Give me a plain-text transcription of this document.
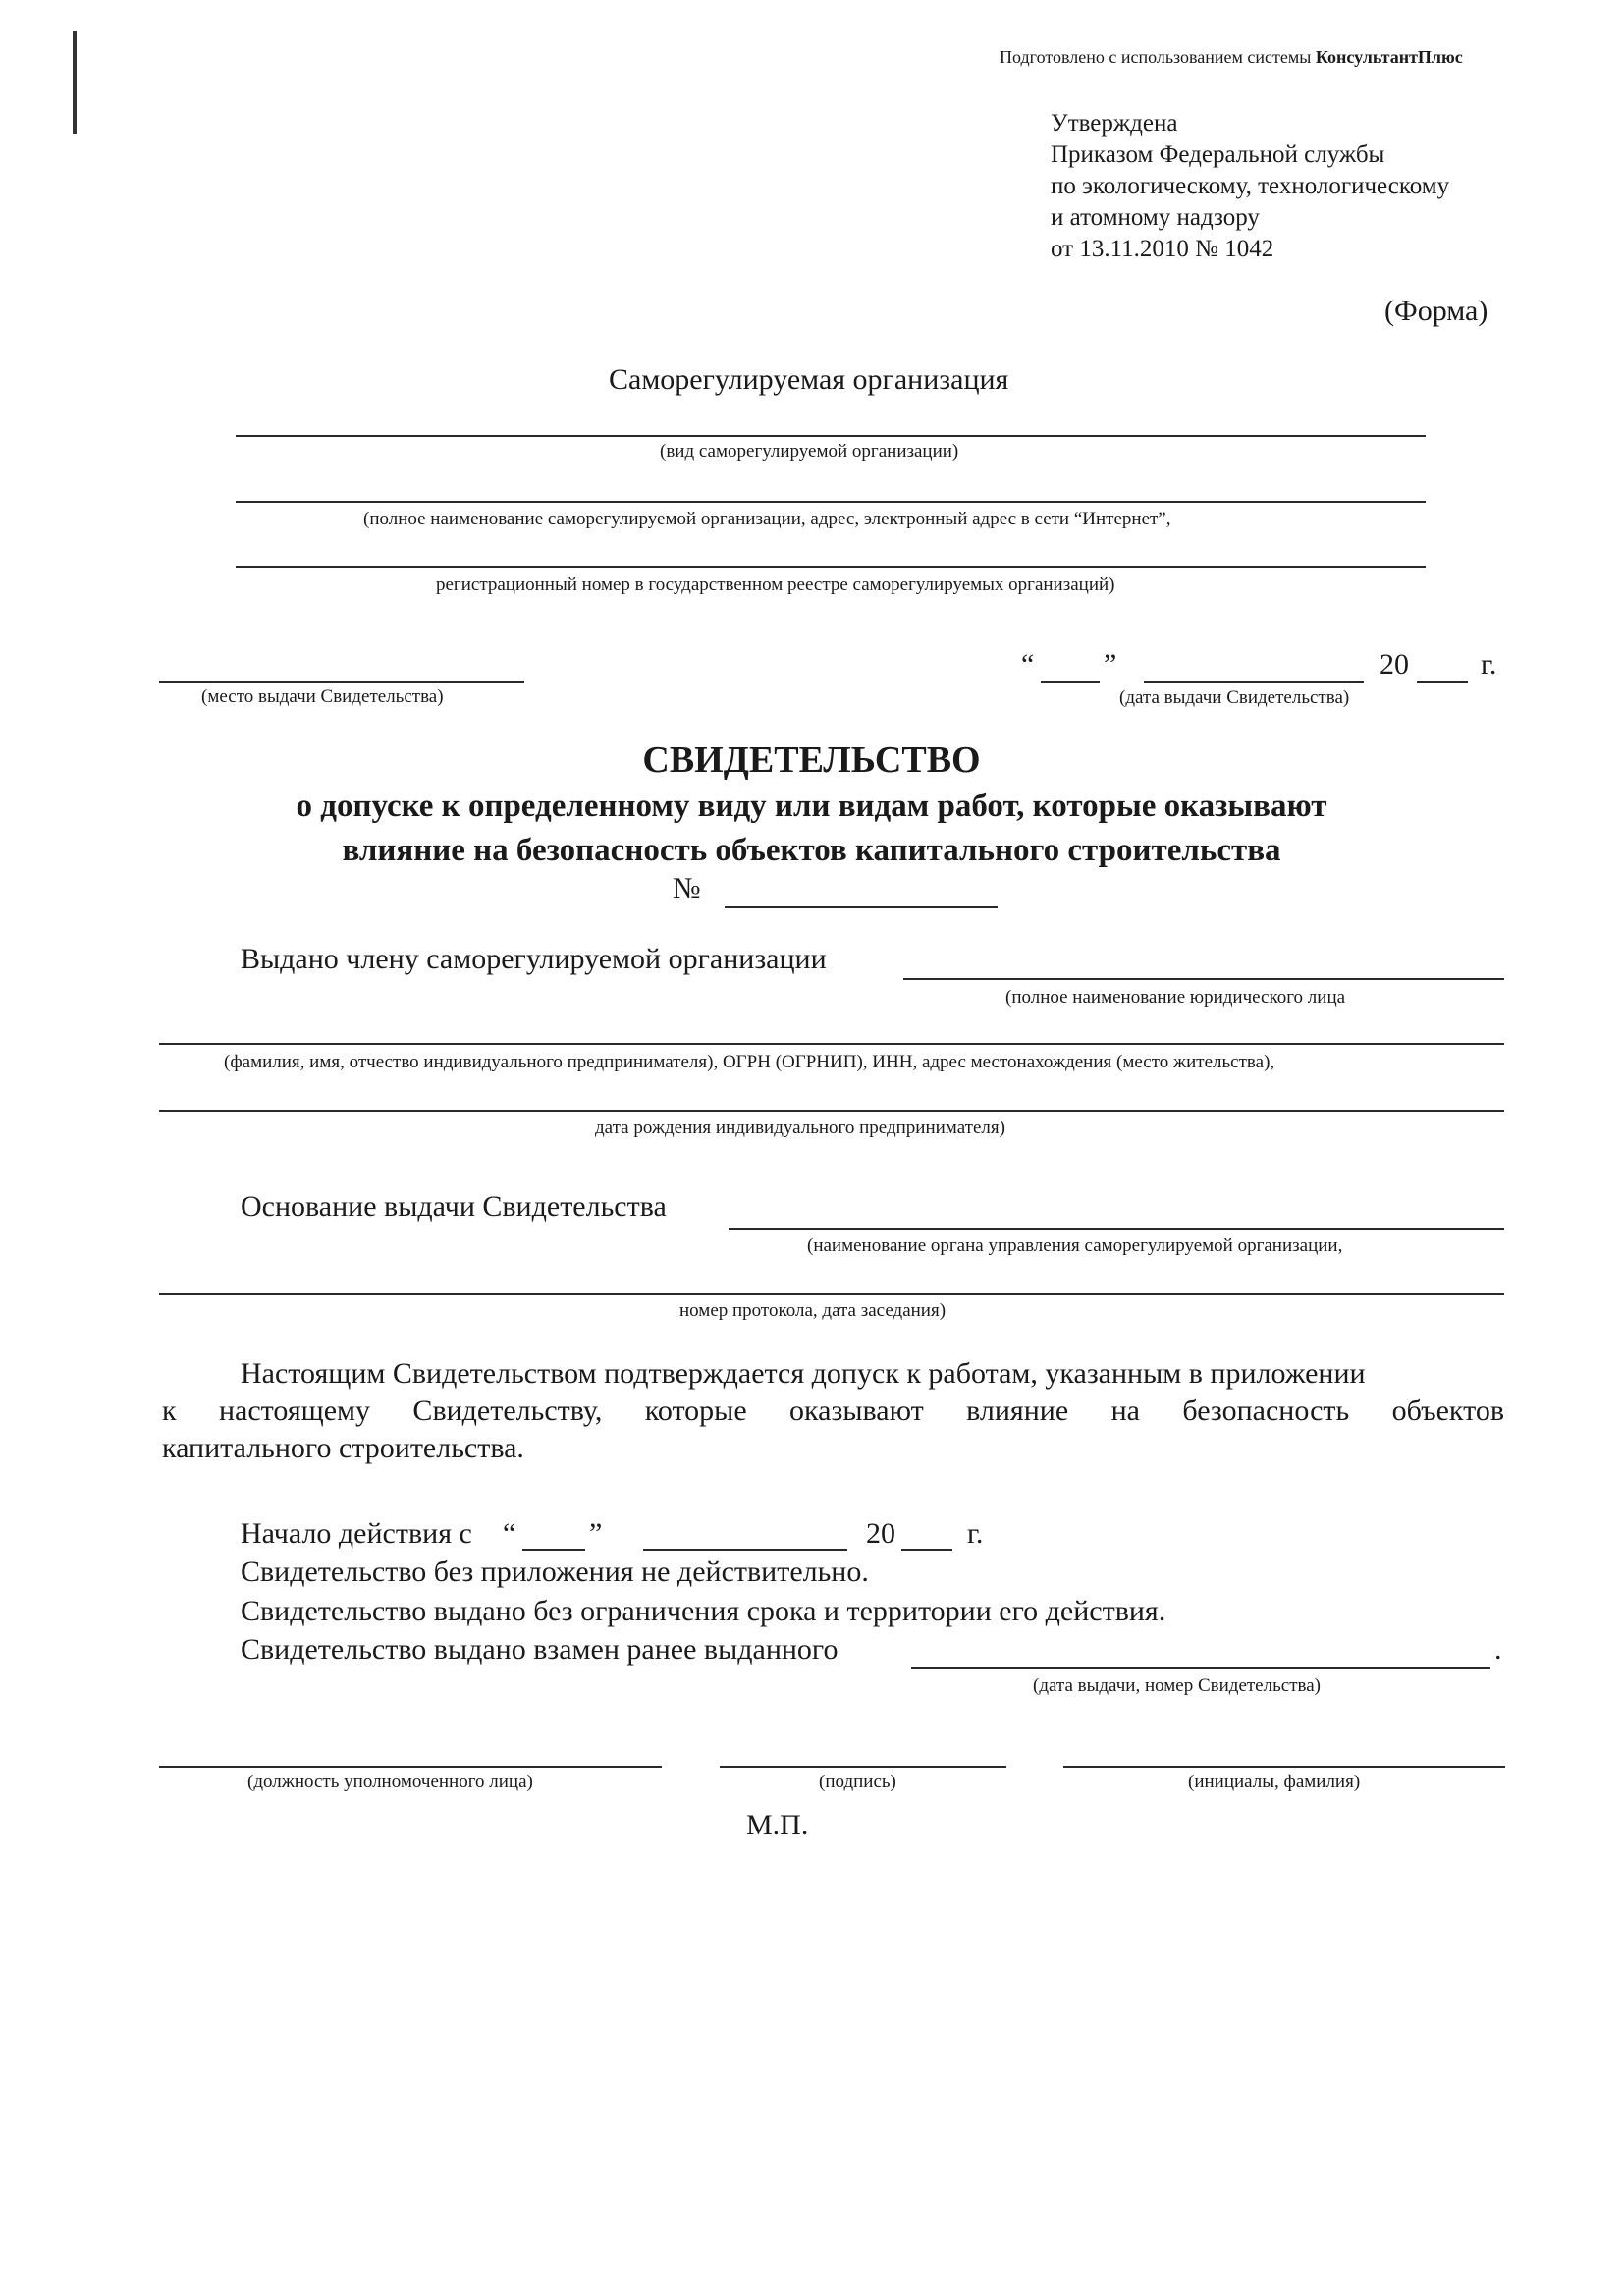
Подготовлено с использованием системы КонсультантПлюс
Утверждена
Приказом Федеральной службы
по экологическому, технологическому
и атомному надзору
от 13.11.2010 № 1042
(Форма)
Саморегулируемая организация
(вид саморегулируемой организации)
(полное наименование саморегулируемой организации, адрес, электронный адрес в сети “Интернет”,
регистрационный номер в государственном реестре саморегулируемых организаций)
(место выдачи Свидетельства)
“ ”	20 г.
(дата выдачи Свидетельства)
СВИДЕТЕЛЬСТВО
о допуске к определенному виду или видам работ, которые оказывают
влияние на безопасность объектов капитального строительства
№
Выдано члену саморегулируемой организации
(полное наименование юридического лица
(фамилия, имя, отчество индивидуального предпринимателя), ОГРН (ОГРНИП), ИНН, адрес местонахождения (место жительства),
дата рождения индивидуального предпринимателя)
Основание выдачи Свидетельства
(наименование органа управления саморегулируемой организации,
номер протокола, дата заседания)
Настоящим Свидетельством подтверждается допуск к работам, указанным в приложении
к настоящему Свидетельству, которые оказывают влияние на безопасность объектов
капитального строительства.
Начало действия с “ ”	20 г.
Свидетельство без приложения не действительно.
Свидетельство выдано без ограничения срока и территории его действия.
Свидетельство выдано взамен ранее выданного	.
(дата выдачи, номер Свидетельства)
(должность уполномоченного лица)	(подпись)	(инициалы, фамилия)
М.П.
